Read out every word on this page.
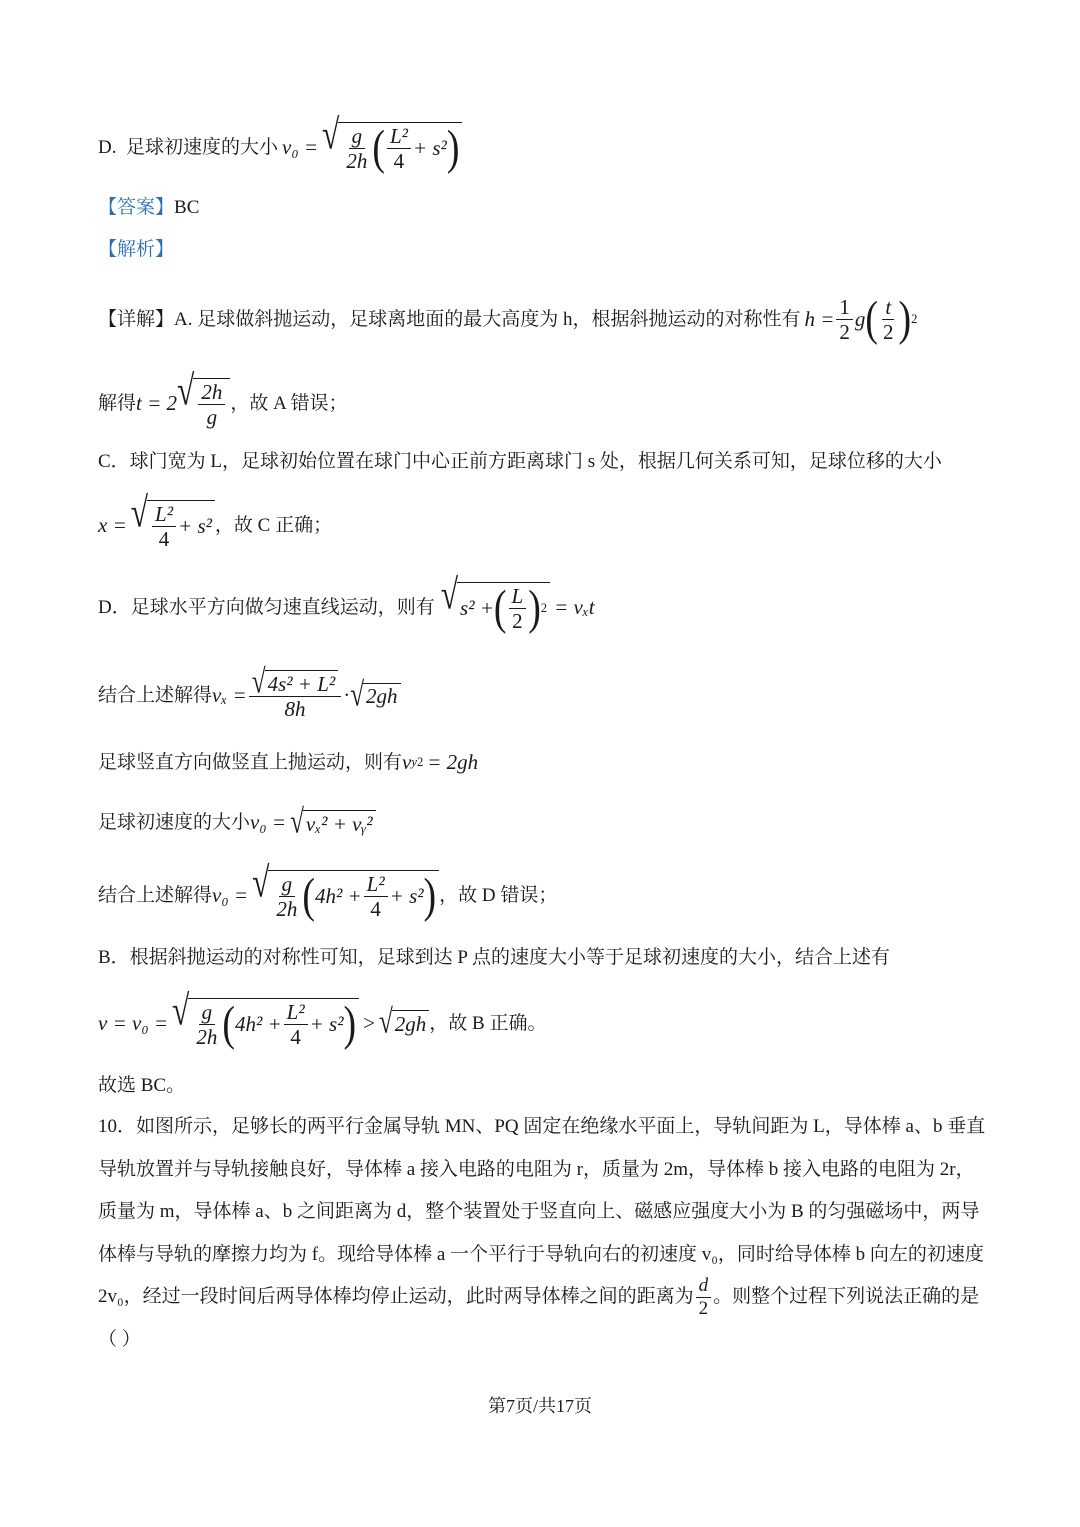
D.
足球初速度的大小 v₀ = √ $\frac{g}{2h}$ ( $\frac{\text{L²}}{4} + s^2$ )
【答案】 BC
【解析】
【详解】 A. 足球做斜抛运动，足球离地面的最大高度为 h，根据斜抛运动的对称性有 $h = \frac{1}{2}$ g ( $\frac{t}{2}$ ) 2
解得 t = 2 √ $\frac{2h}{g}$ ，故 A 错误；
C．球门宽为 L，足球初始位置在球门中心正前方距离球门 s 处，根据几何关系可知，足球位移的大小
x = √ $\frac{\text{L²}}{4} + s^2$ ，故 C 正确；
D．足球水平方向做匀速直线运动，则有 √ s² + ( $\frac{L}{2}$ ) 2 = vₓt
结合上述解得 $v_x = \frac{\text{√ 4s² + L²}}{8h}$ · √ 2gh
足球竖直方向做竖直上抛运动，则有 v y 2 = 2gh
足球初速度的大小 v₀ = √ vₓ² + vᵧ²
结合上述解得 v₀ = √ $\frac{g}{2h}$ ( $4h^2 + \frac{\text{L²}}{4} + s^2$ ) ，故 D 错误；
B．根据斜抛运动的对称性可知，足球到达 P 点的速度大小等于足球初速度的大小，结合上述有
v = v₀ = √ $\frac{g}{2h}$ ( $4h^2 + \frac{\text{L²}}{4} + s^2$ ) > √ 2gh ，故 B 正确。
故选 BC。
10．如图所示，足够长的两平行金属导轨 MN、PQ 固定在绝缘水平面上，导轨间距为 L，导体棒 a、b 垂直
导轨放置并与导轨接触良好，导体棒 a 接入电路的电阻为 r，质量为 2m，导体棒 b 接入电路的电阻为 2r，
质量为 m，导体棒 a、b 之间距离为 d，整个装置处于竖直向上、磁感应强度大小为 B 的匀强磁场中，两导
体棒与导轨的摩擦力均为 f。现给导体棒 a 一个平行于导轨向右的初速度 v₀，同时给导体棒 b 向左的初速度
2v₀，经过一段时间后两导体棒均停止运动，此时两导体棒之间的距离为 $\frac{d}{2}$ 。则整个过程下列说法正确的是
（ ）
第7页/共17页
